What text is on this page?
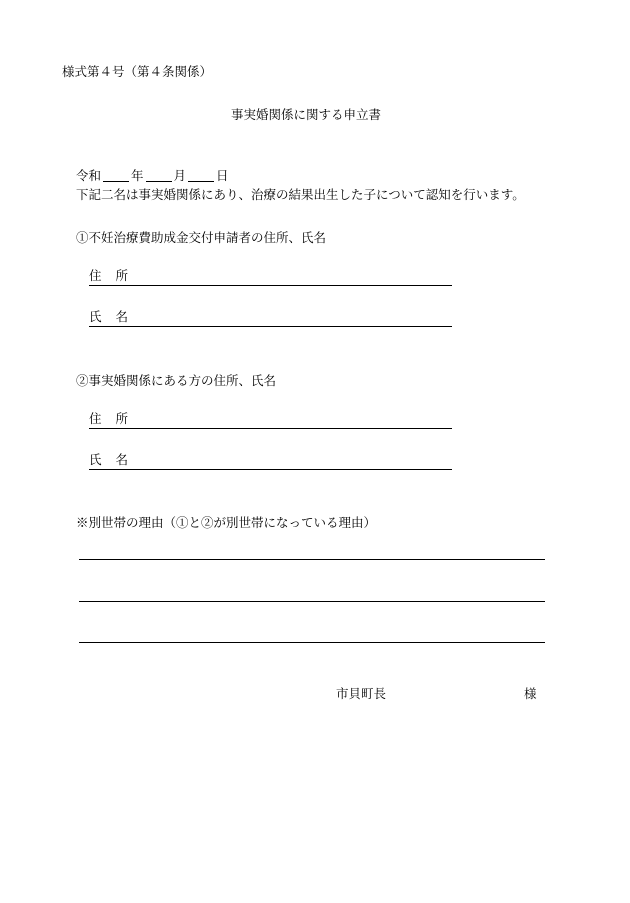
様式第４号（第４条関係）
事実婚関係に関する申立書
令和 年 月 日
下記二名は事実婚関係にあり、治療の結果出生した子について認知を行います。
①不妊治療費助成金交付申請者の住所、氏名
住所
氏名
②事実婚関係にある方の住所、氏名
住所
氏名
※別世帯の理由（①と②が別世帯になっている理由）
市貝町長	様
